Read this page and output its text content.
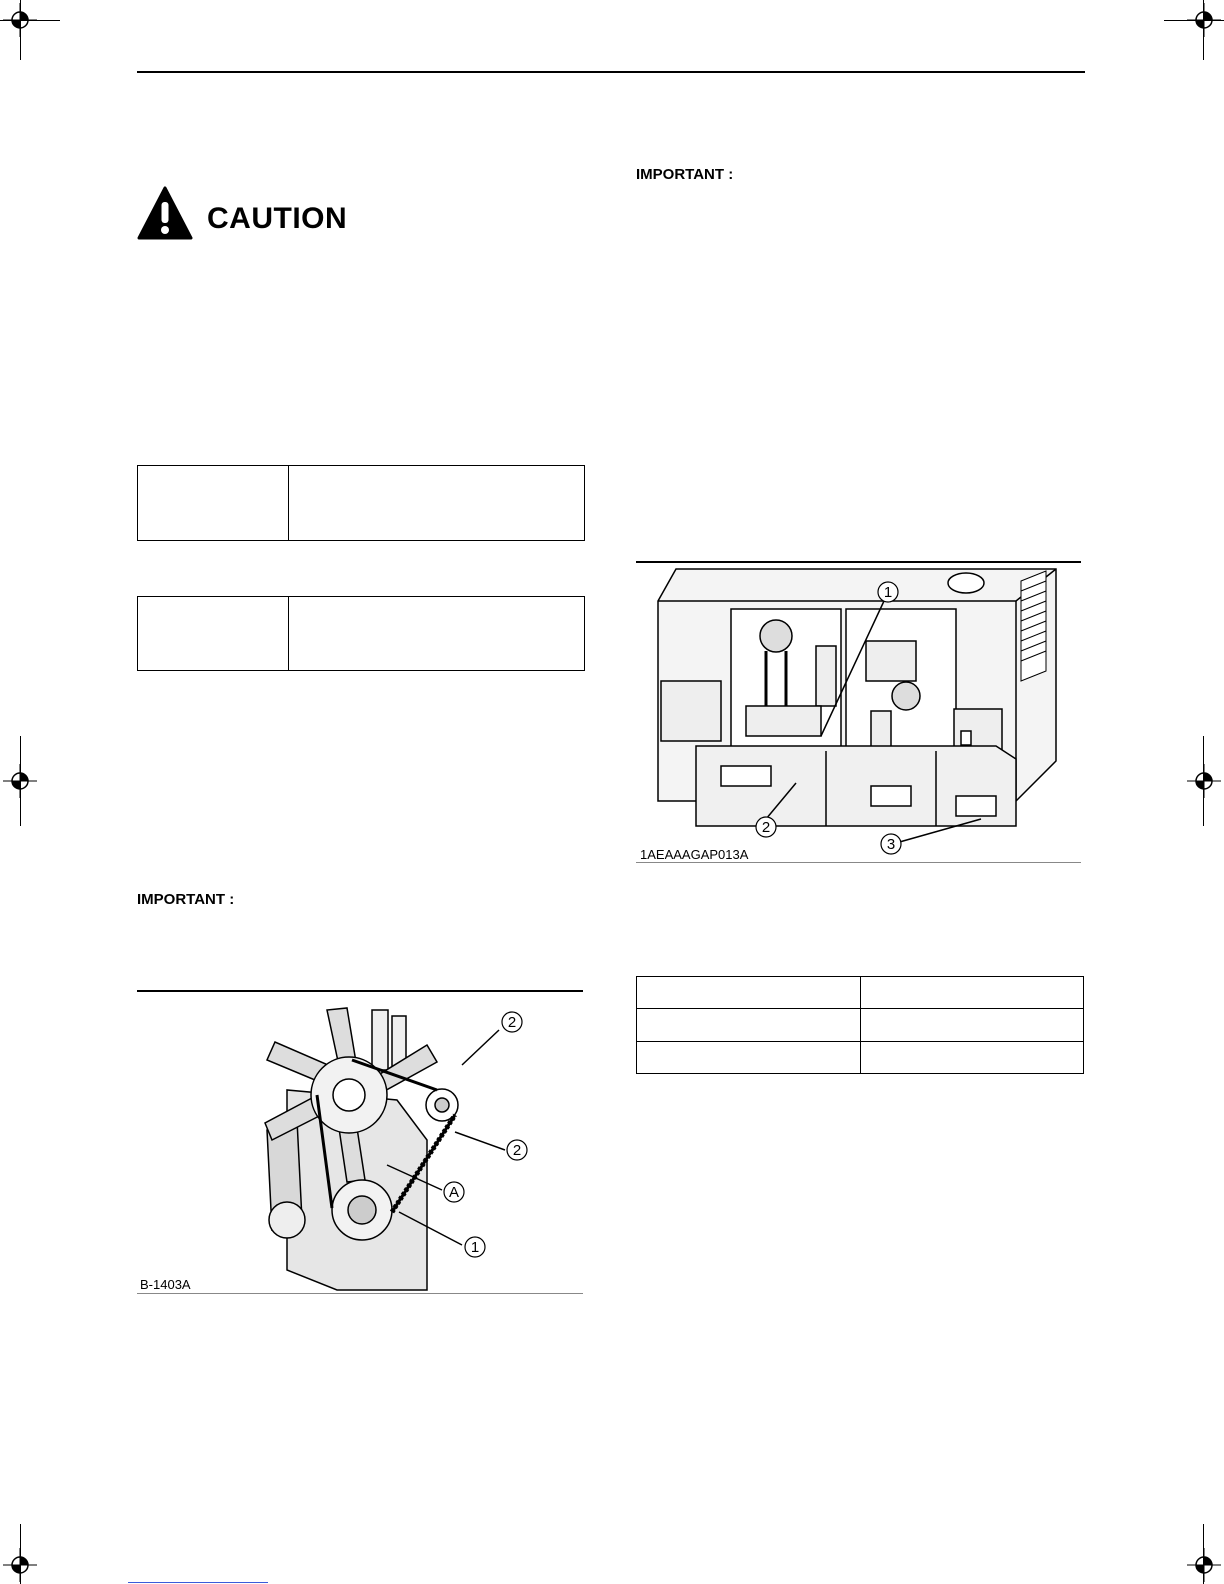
CAUTION

IMPORTANT :
IMPORTANT :
2
2
A
1
B-1403A
1
2
3
1AEAAAGAP013A
